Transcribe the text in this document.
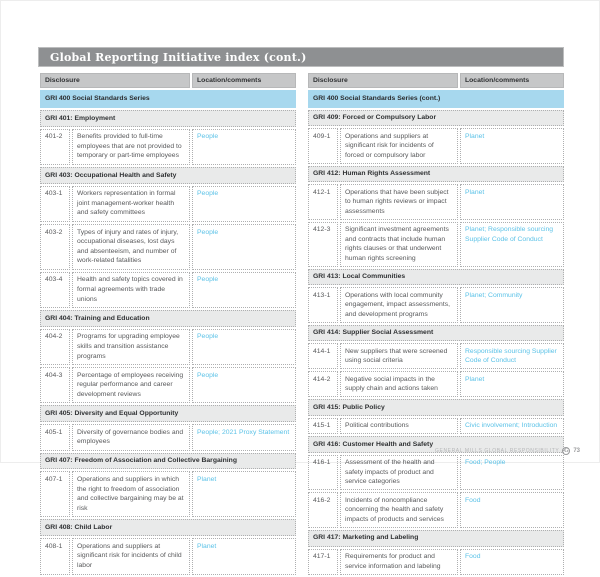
Global Reporting Initiative index (cont.)
Disclosure		Location/comments
GRI 400 Social Standards Series		
GRI 401: Employment		
401-2	Benefits provided to full-time employees that are not provided to temporary or part-time employees	People
GRI 403: Occupational Health and Safety		
403-1	Workers representation in formal joint management-worker health and safety committees	People
403-2	Types of injury and rates of injury, occupational diseases, lost days and absenteeism, and number of work-related fatalities	People
403-4	Health and safety topics covered in formal agreements with trade unions	People
GRI 404: Training and Education		
404-2	Programs for upgrading employee skills and transition assistance programs	People
404-3	Percentage of employees receiving regular performance and career development reviews	People
GRI 405: Diversity and Equal Opportunity		
405-1	Diversity of governance bodies and employees	People; 2021 Proxy Statement
GRI 407: Freedom of Association and Collective Bargaining		
407-1	Operations and suppliers in which the right to freedom of association and collective bargaining may be at risk	Planet
GRI 408: Child Labor		
408-1	Operations and suppliers at significant risk for incidents of child labor	Planet
Disclosure		Location/comments
GRI 400 Social Standards Series (cont.)		
GRI 409: Forced or Compulsory Labor		
409-1	Operations and suppliers at significant risk for incidents of forced or compulsory labor	Planet
GRI 412: Human Rights Assessment		
412-1	Operations that have been subject to human rights reviews or impact assessments	Planet
412-3	Significant investment agreements and contracts that include human rights clauses or that underwent human rights screening	Planet; Responsible sourcing Supplier Code of Conduct
GRI 413: Local Communities		
413-1	Operations with local community engagement, impact assessments, and development programs	Planet; Community
GRI 414: Supplier Social Assessment		
414-1	New suppliers that were screened using social criteria	Responsible sourcing Supplier Code of Conduct
414-2	Negative social impacts in the supply chain and actions taken	Planet
GRI 415: Public Policy		
415-1	Political contributions	Civic involvement; Introduction
GRI 416: Customer Health and Safety		
416-1	Assessment of the health and safety impacts of product and service categories	Food; People
416-2	Incidents of noncompliance concerning the health and safety impacts of products and services	Food
GRI 417: Marketing and Labeling		
417-1	Requirements for product and service information and labeling	Food
GENERAL MILLS GLOBAL RESPONSIBILITY G 73
